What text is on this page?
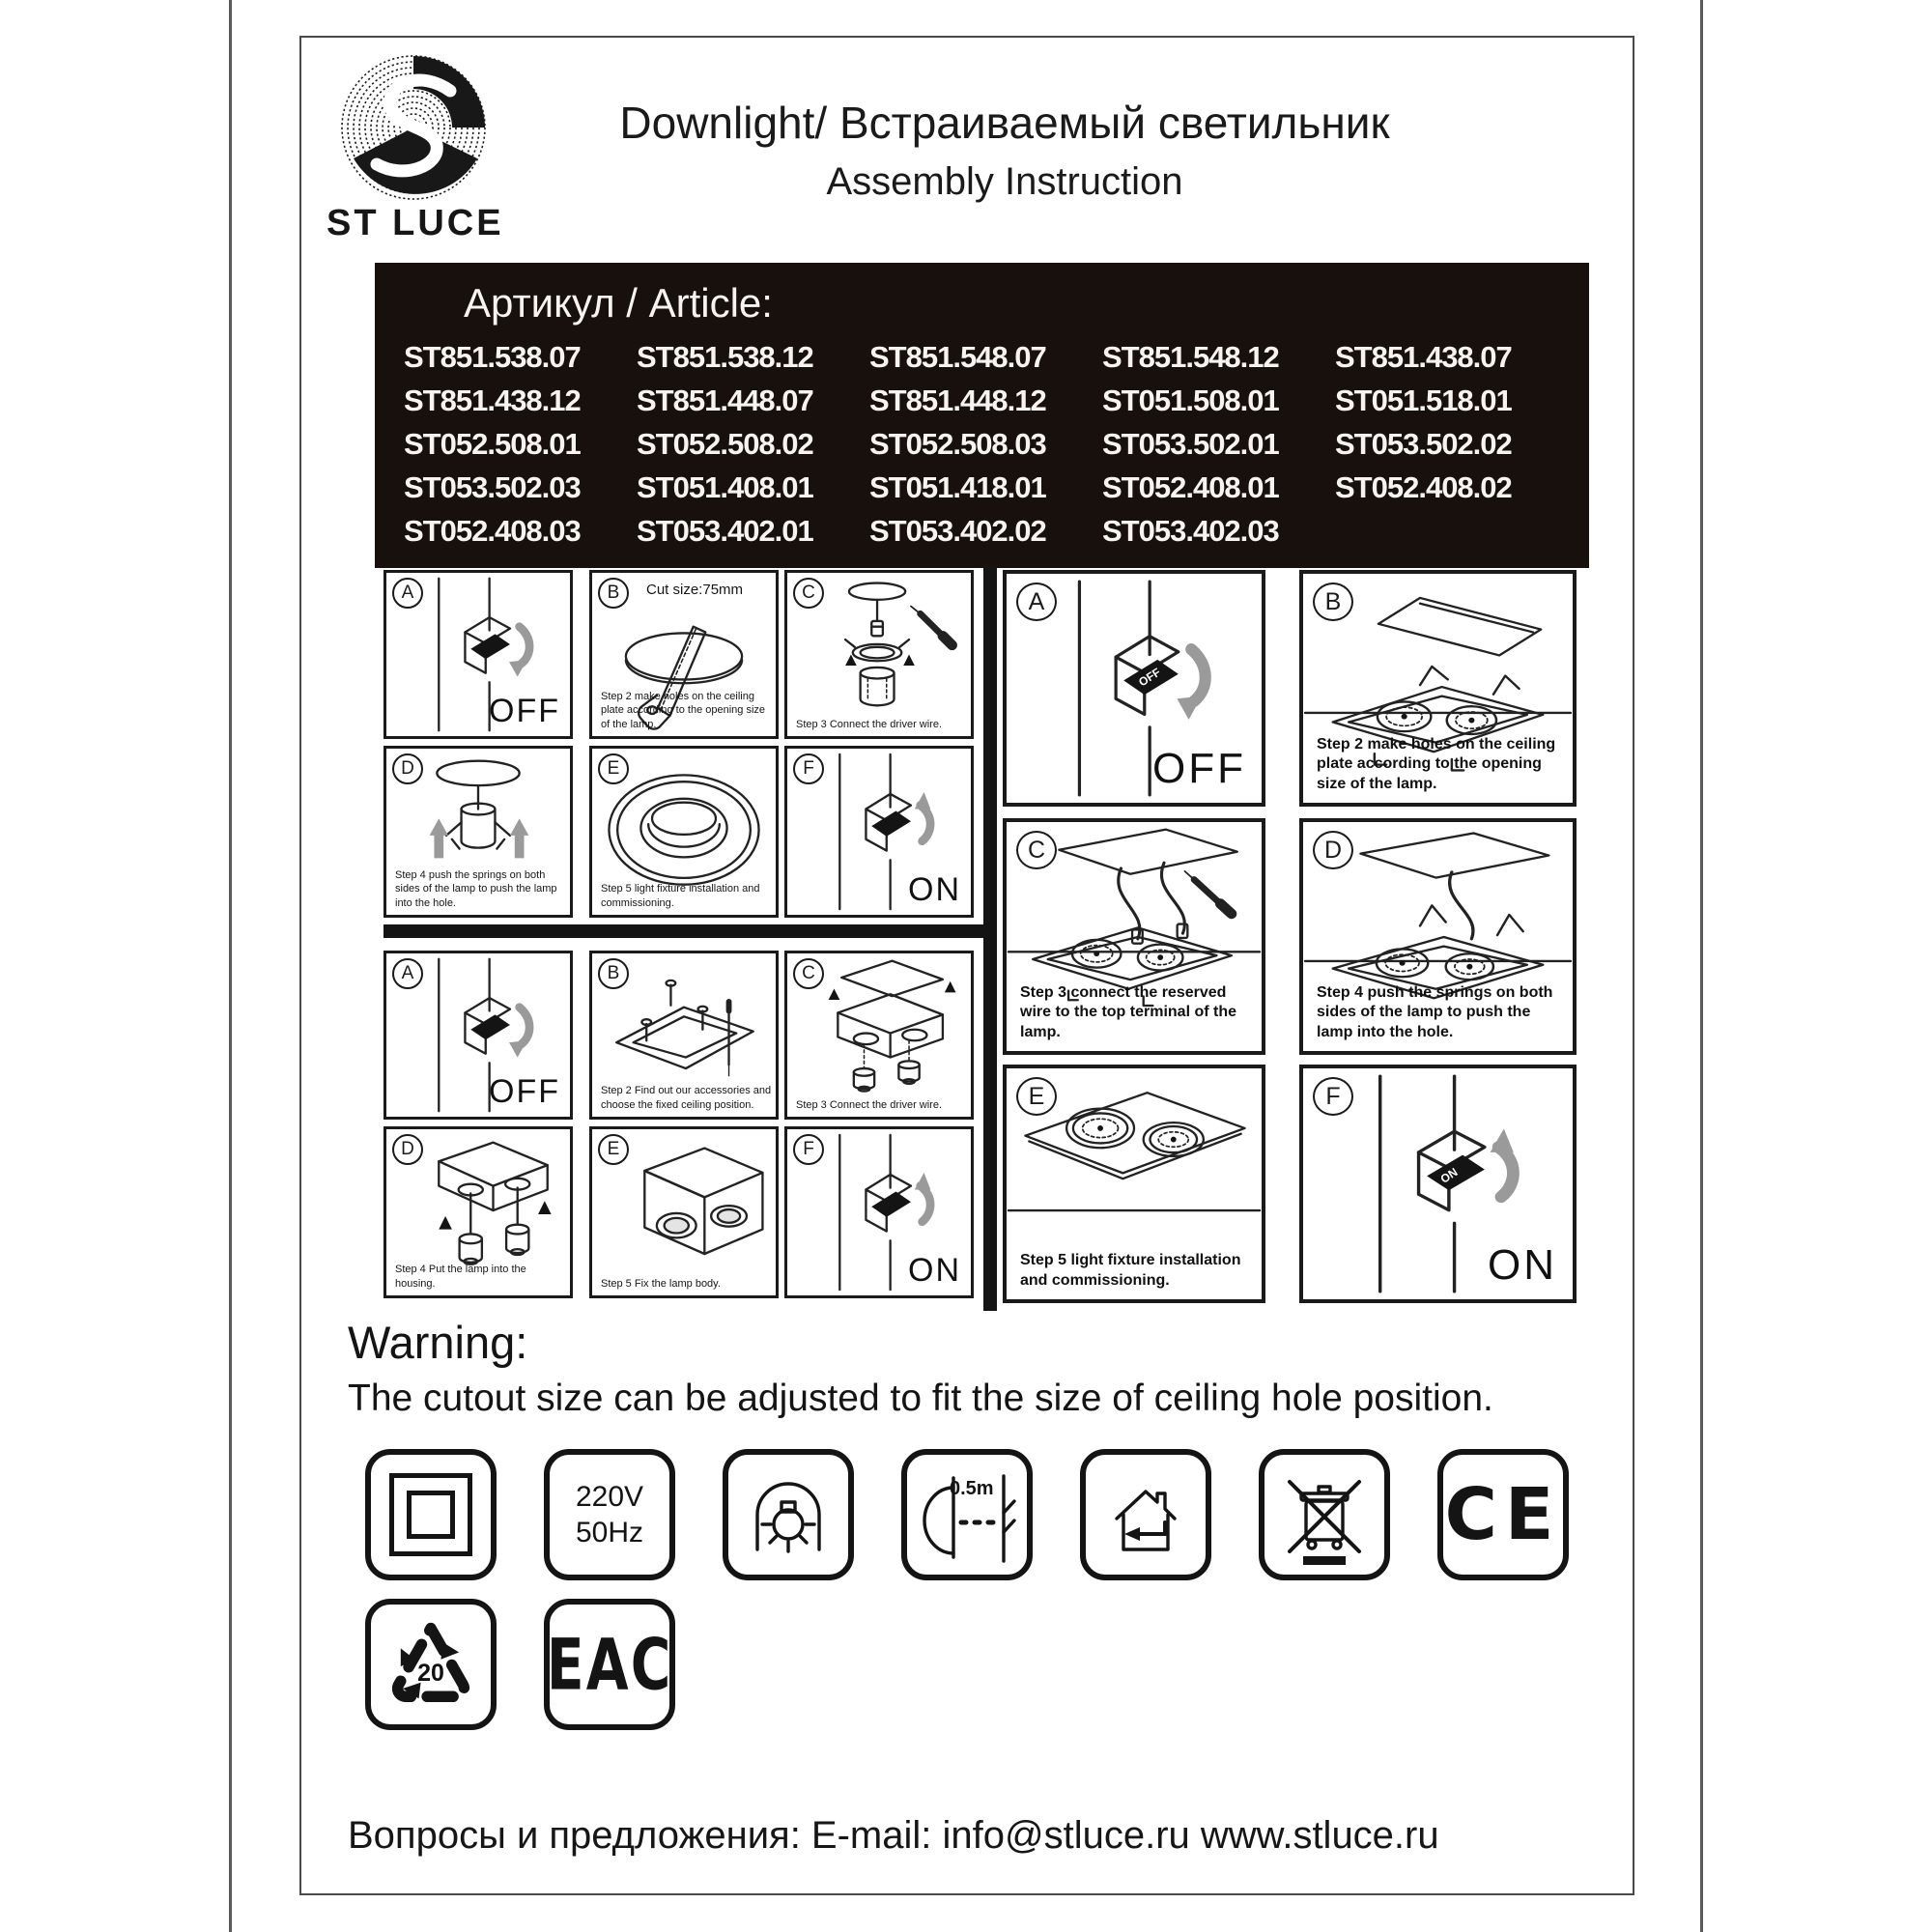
ST LUCE
Downlight/ Встраиваемый светильник
Assembly Instruction
Артикул / Article:
ST851.538.07	ST851.538.12	ST851.548.07	ST851.548.12	ST851.438.07
ST851.438.12	ST851.448.07	ST851.448.12	ST051.508.01	ST051.518.01
ST052.508.01	ST052.508.02	ST052.508.03	ST053.502.01	ST053.502.02
ST053.502.03	ST051.408.01	ST051.418.01	ST052.408.01	ST052.408.02
ST052.408.03	ST053.402.01	ST053.402.02	ST053.402.03
A
OFF
B	Cut size:75mm
Step 2 make holes on the ceiling plate according to the opening size of the lamp.
C
Step 3 Connect the driver wire.
D
Step 4 push the springs on both sides of the lamp to push the lamp into the hole.
E
Step 5 light fixture installation and commissioning.
F
ON
A
OFF
B
Step 2 Find out our accessories and choose the fixed ceiling position.
C
Step 3 Connect the driver wire.
D
Step 4 Put the lamp into the housing.
E
Step 5 Fix the lamp body.
F
ON
A
OFF
OFF
B
Step 2 make holes on the ceiling plate according to the opening size of the lamp.
C
Step 3 connect the reserved wire to the top terminal of the lamp.
D
Step 4 push the springs on both sides of the lamp to push the lamp into the hole.
E
Step 5 light fixture installation and commissioning.
F
ON
ON
Warning:
The cutout size can be adjusted to fit the size of ceiling hole position.
220V
50Hz
0.5m	CE
20	EAC
Вопросы и предложения: E-mail: info@stluce.ru www.stluce.ru
